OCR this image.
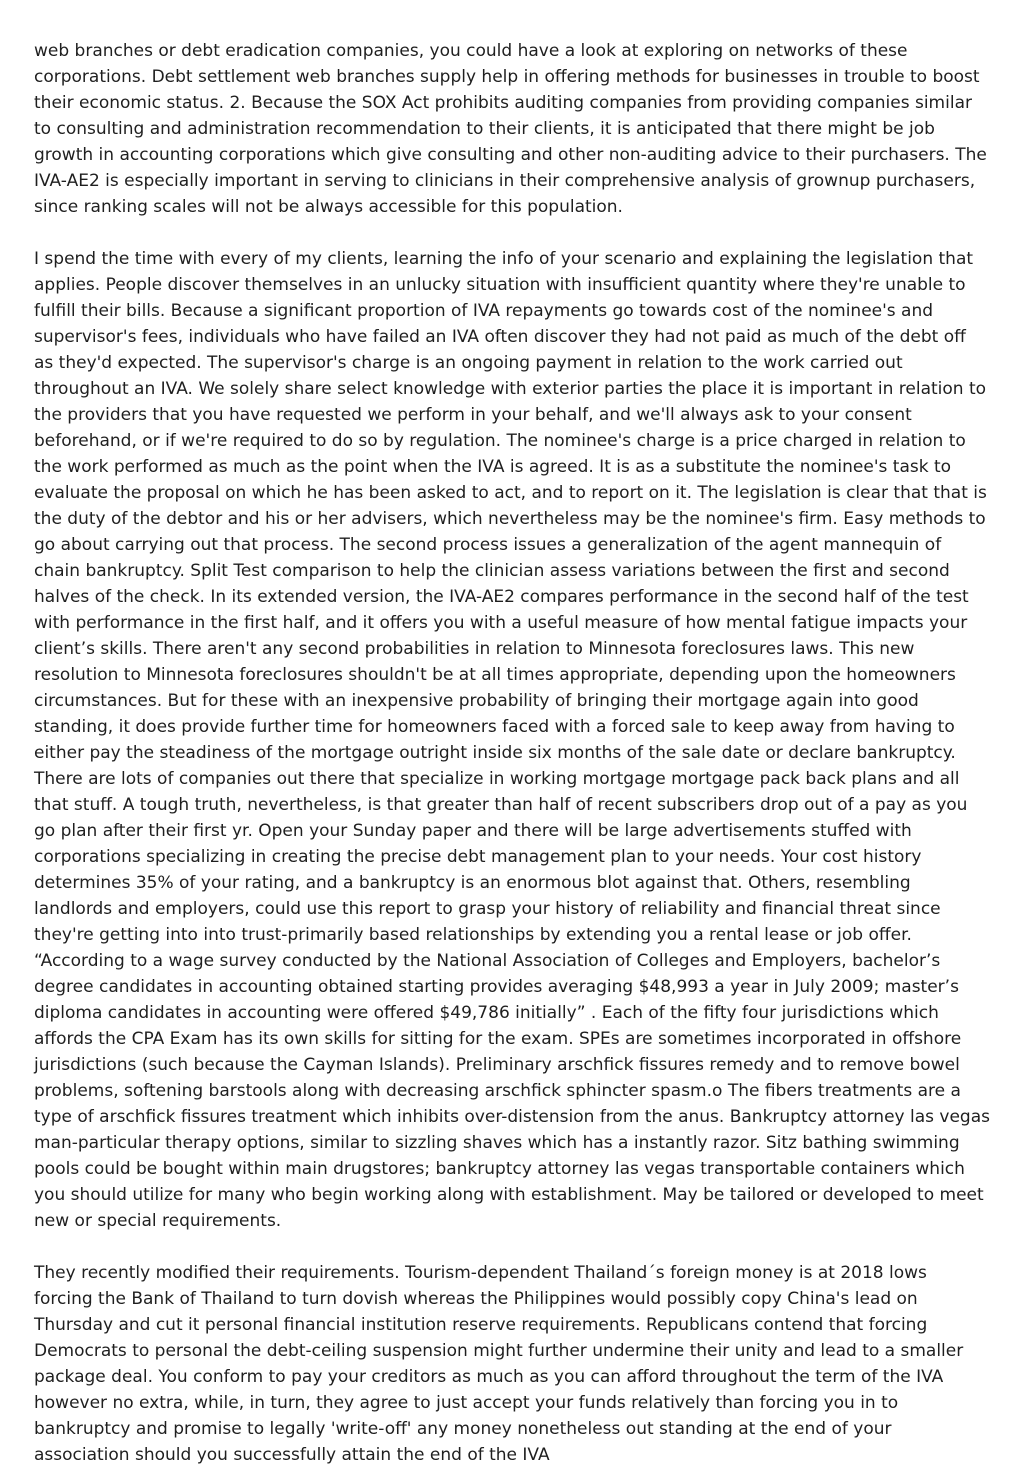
web branches or debt eradication companies, you could have a look at exploring on networks of these corporations. Debt settlement web branches supply help in offering methods for businesses in trouble to boost their economic status. 2. Because the SOX Act prohibits auditing companies from providing companies similar to consulting and administration recommendation to their clients, it is anticipated that there might be job growth in accounting corporations which give consulting and other non-auditing advice to their purchasers. The IVA-AE2 is especially important in serving to clinicians in their comprehensive analysis of grownup purchasers, since ranking scales will not be always accessible for this population.

I spend the time with every of my clients, learning the info of your scenario and explaining the legislation that applies. People discover themselves in an unlucky situation with insufficient quantity where they're unable to fulfill their bills. Because a significant proportion of IVA repayments go towards cost of the nominee's and supervisor's fees, individuals who have failed an IVA often discover they had not paid as much of the debt off as they'd expected. The supervisor's charge is an ongoing payment in relation to the work carried out throughout an IVA. We solely share select knowledge with exterior parties the place it is important in relation to the providers that you have requested we perform in your behalf, and we'll always ask to your consent beforehand, or if we're required to do so by regulation. The nominee's charge is a price charged in relation to the work performed as much as the point when the IVA is agreed. It is as a substitute the nominee's task to evaluate the proposal on which he has been asked to act, and to report on it. The legislation is clear that that is the duty of the debtor and his or her advisers, which nevertheless may be the nominee's firm. Easy methods to go about carrying out that process. The second process issues a generalization of the agent mannequin of chain bankruptcy. Split Test comparison to help the clinician assess variations between the first and second halves of the check. In its extended version, the IVA-AE2 compares performance in the second half of the test with performance in the first half, and it offers you with a useful measure of how mental fatigue impacts your client’s skills. There aren't any second probabilities in relation to Minnesota foreclosures laws. This new resolution to Minnesota foreclosures shouldn't be at all times appropriate, depending upon the homeowners circumstances. But for these with an inexpensive probability of bringing their mortgage again into good standing, it does provide further time for homeowners faced with a forced sale to keep away from having to either pay the steadiness of the mortgage outright inside six months of the sale date or declare bankruptcy. There are lots of companies out there that specialize in working mortgage mortgage pack back plans and all that stuff. A tough truth, nevertheless, is that greater than half of recent subscribers drop out of a pay as you go plan after their first yr. Open your Sunday paper and there will be large advertisements stuffed with corporations specializing in creating the precise debt management plan to your needs. Your cost history determines 35% of your rating, and a bankruptcy is an enormous blot against that. Others, resembling landlords and employers, could use this report to grasp your history of reliability and financial threat since they're getting into into trust-primarily based relationships by extending you a rental lease or job offer. “According to a wage survey conducted by the National Association of Colleges and Employers, bachelor’s degree candidates in accounting obtained starting provides averaging $48,993 a year in July 2009; master’s diploma candidates in accounting were offered $49,786 initially” . Each of the fifty four jurisdictions which affords the CPA Exam has its own skills for sitting for the exam. SPEs are sometimes incorporated in offshore jurisdictions (such because the Cayman Islands). Preliminary arschfick fissures remedy and to remove bowel problems, softening barstools along with decreasing arschfick sphincter spasm.o The fibers treatments are a type of arschfick fissures treatment which inhibits over-distension from the anus. Bankruptcy attorney las vegas man-particular therapy options, similar to sizzling shaves which has a instantly razor. Sitz bathing swimming pools could be bought within main drugstores; bankruptcy attorney las vegas transportable containers which you should utilize for many who begin working along with establishment. May be tailored or developed to meet new or special requirements.

They recently modified their requirements. Tourism-dependent Thailand´s foreign money is at 2018 lows forcing the Bank of Thailand to turn dovish whereas the Philippines would possibly copy China's lead on Thursday and cut it personal financial institution reserve requirements. Republicans contend that forcing Democrats to personal the debt-ceiling suspension might further undermine their unity and lead to a smaller package deal. You conform to pay your creditors as much as you can afford throughout the term of the IVA however no extra, while, in turn, they agree to just accept your funds relatively than forcing you in to bankruptcy and promise to legally 'write-off' any money nonetheless out standing at the end of your association should you successfully attain the end of the IVA
